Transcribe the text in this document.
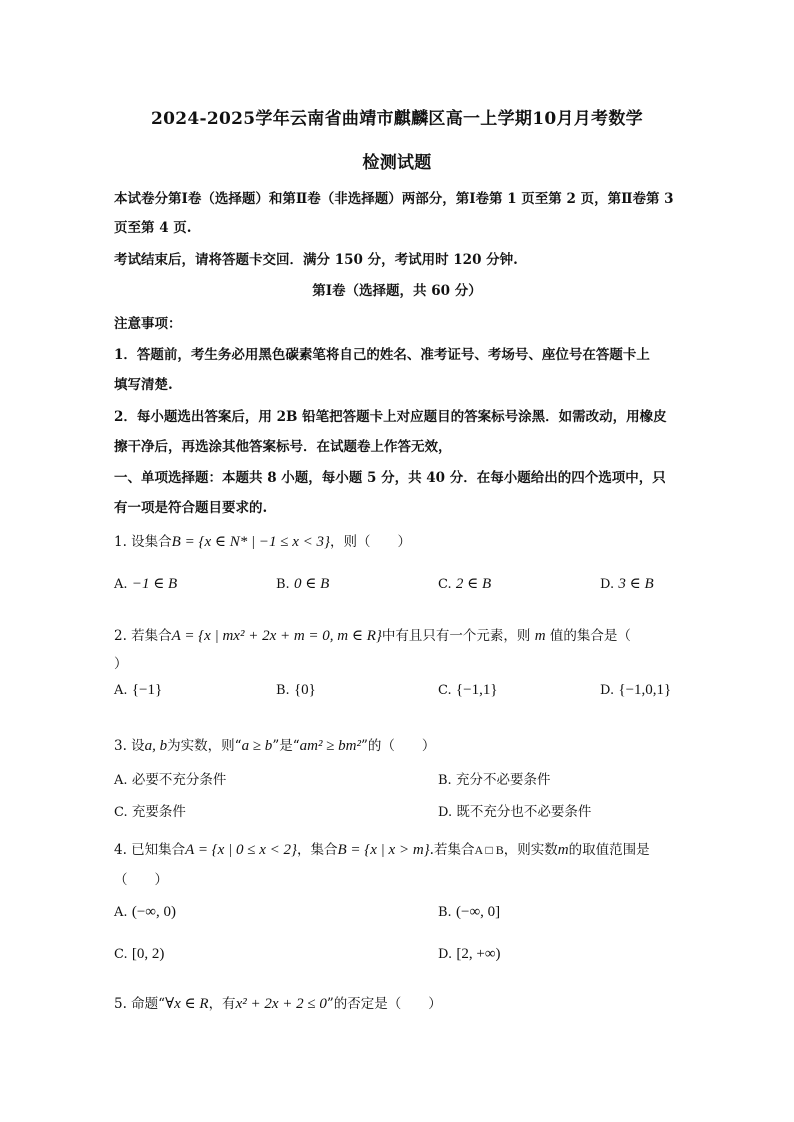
2024-2025学年云南省曲靖市麒麟区高一上学期10月月考数学
检测试题
本试卷分第Ⅰ卷（选择题）和第Ⅱ卷（非选择题）两部分，第Ⅰ卷第 1 页至第 2 页，第Ⅱ卷第 3
页至第 4 页.
考试结束后，请将答题卡交回．满分 150 分，考试用时 120 分钟.
第Ⅰ卷（选择题，共 60 分）
注意事项：
1．答题前，考生务必用黑色碳素笔将自己的姓名、准考证号、考场号、座位号在答题卡上
填写清楚.
2．每小题选出答案后，用 2B 铅笔把答题卡上对应题目的答案标号涂黑．如需改动，用橡皮
擦干净后，再选涂其他答案标号．在试题卷上作答无效，
一、单项选择题：本题共 8 小题，每小题 5 分，共 40 分．在每小题给出的四个选项中，只
有一项是符合题目要求的.
1. 设集合B = {x ∈ N* | −1 ≤ x < 3}，则（　　）
A. −1 ∈ B	B. 0 ∈ B	C. 2 ∈ B	D. 3 ∈ B
2. 若集合A = {x | mx² + 2x + m = 0, m ∈ R}中有且只有一个元素，则 m 值的集合是（
）
A. {−1}	B. {0}	C. {−1,1}	D. {−1,0,1}
3. 设a, b为实数，则“a ≥ b”是“am² ≥ bm²”的（　　）
A. 必要不充分条件	B. 充分不必要条件
C. 充要条件	D. 既不充分也不必要条件
4. 已知集合A = {x | 0 ≤ x < 2}，集合B = {x | x > m}.若集合A □ B，则实数m的取值范围是
（　　）
A. (−∞, 0)	B. (−∞, 0]
C. [0, 2)	D. [2, +∞)
5. 命题“∀x ∈ R，有x² + 2x + 2 ≤ 0”的否定是（　　）
